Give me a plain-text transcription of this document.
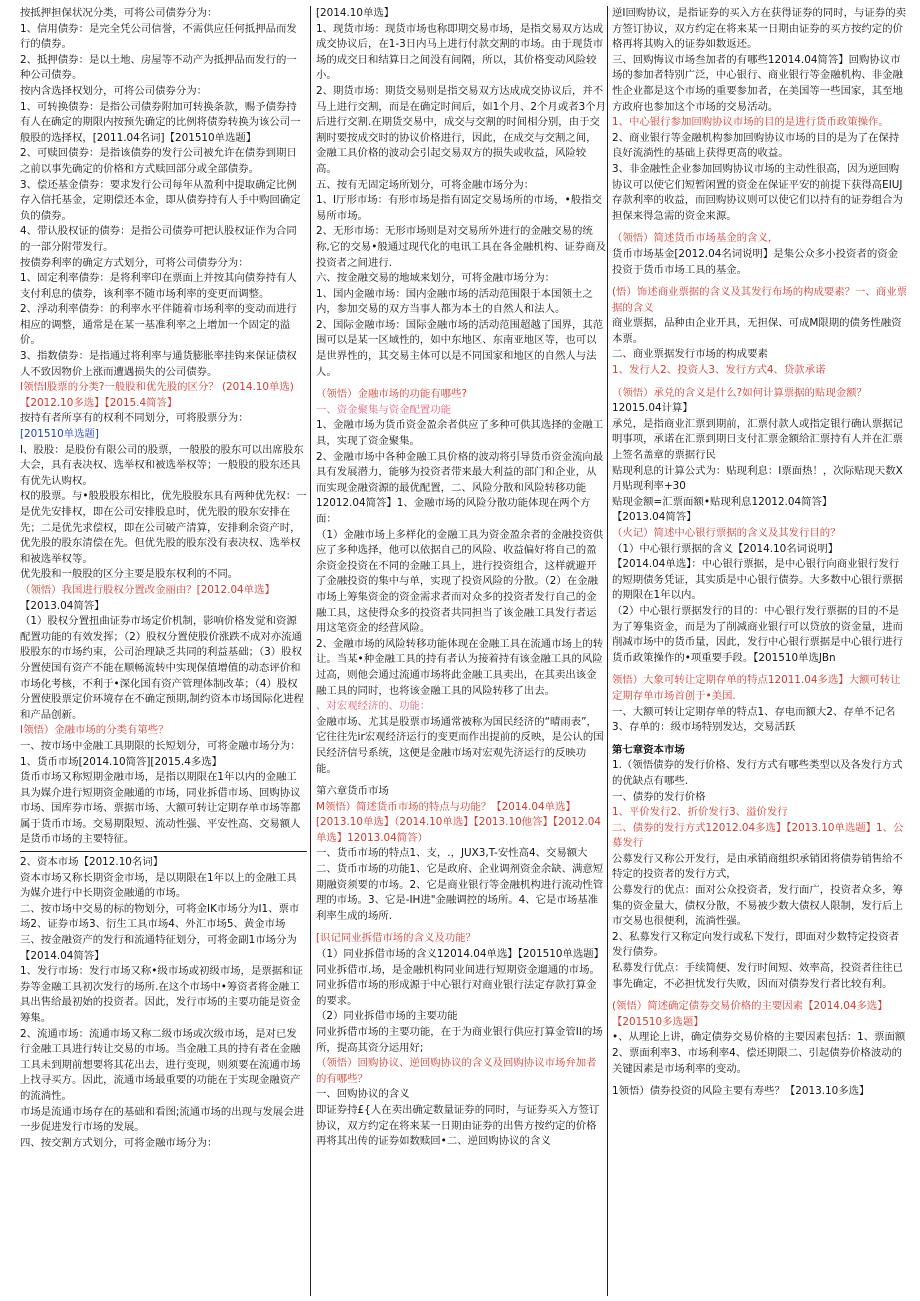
按抵押担保状况分类，可将公司债券分为：

1、信用债券：是完全凭公司信誉，不需供应任何抵押品而发行的债券。

2、抵押债券：是以土地、房屋等不动产为抵押品而发行的一种公司债券。

按内含选择权划分，可将公司债券分为：

1、可转换债券：是指公司债券附加可转换条款，赐予债券持有人在确定的期限内按预先确定的比例将债券转换为该公司一般股的选择权，[2011.04名词]【201510单选题】

2、可赎回债券：是指该债券的发行公司被允许在债券到期日之前以事先确定的价格和方式赎回部分或全部债券。

3、偿还基金债券：要求发行公司每年从盈利中提取确定比例存入信托基金，定期偿还本金，即从债券持有人手中购回确定负的债券。

4、带认股权证的债券：是指公司债券可把认股权证作为合同的一部分附带发行。

按债券利率的确定方式划分，可将公司债券分为：

1、固定利率债券：是将利率印在票面上并按其向债券持有人支付利息的债券，该利率不随市场利率的变更而调整。

2、浮动利率债券：的利率水平伴随着市场利率的变动而进行相应的调整，通常是在某一基准利率之上增加一个固定的溢价。

3、指数债券：是指通过将利率与通货膨胀率挂钩来保证债权人不致因物价上涨而遭遇损失的公司债券。

I领悟I股票的分类?一般股和优先股的区分？ (2014.10单选)【2012.10多选】【2015.4简答】

按持有者所享有的权利不同划分，可将股票分为：

[201510单选题]

I、股股：是股份有限公司的股票，一般股的股东可以出席股东大会，具有表决权、选举权和被选举权等；一般股的股东还具有优先认购权。

权的股票。与•般股股东相比，优先股股东具有两种优先权：一是优先安排权，即在公司安排股息时，优先股的股东安排在先；二是优先求偿权，即在公司破产清算，安排剩余资产时，优先股的股东清偿在先。但优先股的股东没有表决权、选举权和被选举权等。

优先股和一般股的区分主要是股东权利的不同。

（领悟）我国进行股权分置改金丽由？[2012.04单选】

【2013.04简答】

（1）股权分置扭曲证券市场定价机制，影响价格发觉和资源配置功能的有效发挥；（2）股权分置使股价涨跌不成对亦流通股股东的市场约束，公司治理缺乏共同的利益基础；（3）股权分置使国有资产不能在顺畅流转中实现保值增值的动态评价和市场化考核，不利于•深化国有资产管理体制改革；（4）股权分置使股票定价环境存在不确定预期,制约资本市场国际化进程和产品创新。

I领悟）金融市场的分类有第些？

一、按市场中金融工具期限的长短划分，可将金融市场分为：

1、货币市场[2014.10简答][2015.4多选】

货币市场又称短期金融市场，是指以期限在1年以内的金融工具为媒介进行短期资金融通的市场，同业拆借市场、回购协议市场、国库券市场、票据市场、大额可转让定期存单市场等都属于货币市场。交易期限短、流动性强、平安性高、交易额人是货币市场的主要特征。

2、资本市场【2012.10名词】

资本市场又称长期资金市场，是以期限在1年以上的金融工具为媒介进行中长期资金融通的市场。

二、按市场中交易的标的物划分，可将金IK市场分为I1、票市场2、证券市场3、衍生工具市场4、外汇市场5、黄金市场

三、按金融资产的发行和流通特征划分，可将金副1市场分为【2014.04简答】

1、发行市场：发行市场又称•级市场或初级市场，是票据和证券等金融工具初次发行的场所.在这个市场中•筹资者将金融工具出售给最初始的投资者。因此，发行市场的主要功能是资金筹集。

2、流通市场：流通市场又称二级市场或次级市场，是对已发行金融工具进行转让交易的市场。当金融工具的持有者在金融工具未到期前想要将其花出去，进行变现，则须要在流通市场上找寻买方。因此，流通市场最重要的功能在于实现金融资产的流淌性。

市场是流通市场存在的基础和看图;流通市场的出现与发展会进一步促进发行市场的发展。

四、按交割方式划分，可将金融市场分为：

[2014.10单选】

1、现货市场：现货市场也称即期交易市场，是指交易双方达成成交协议后，在1-3日内马上进行付款交割的市场。由于现货市场的成交日和结算日之间没有间隔，所以，其价格变动风险较小。

2、期货市场：期货交易则是指交易双方达成成交协议后，并不马上进行交割，而是在确定时间后，如1个月、2个月或者3个月后进行交割.在期货交易中，成交与交割的时间相分别，由于交割时要按成交时的协议价格进行，因此，在成交与交割之间，金融工具价格的波动会引起交易双方的损失或收益，风险较高。

五、按有无固定场所划分，可将金融市场分为：

1、I厅形市场：有形市场是指有固定交易场所的市场，•般指交易所市场。

2、无形市场：无形市场则是对交易所外进行的金融交易的统称,它的交易•般通过现代化的电讯工具在各金融机构、证券商及投资者之间进行.

六、按金融交易的地域来划分，可将金融市场分为：

1、国内金融市场：国内金融市场的活动范围限于本国领土之内，参加交易的双方当事人都为本土的自然人和法人。

2、国际金融市场：国际金融市场的活动范围超越了国界，其范围可以是某一区域性的，如中东地区、东南亚地区等，也可以是世界性的，其交易主体可以是不同国家和地区的自然人与法人。

（领悟）金融市场的功能有哪些?

一、资金聚集与资金配置功能

1、金融市场为货币资金盈余者供应了多种可供其选择的金融工具，实现了资金聚集。

2、金融市场中各种金融工具价格的波动将引导货币资金流向最具有发展潜力，能够为投资者带来最大利益的部门和企业，从而实现金融资源的最优配置，二、风险分散和风险转移功能12012.04简答】1、金融市场的风险分散功能体现在两个方面：

（1）金融市场上多样化的金融工具为资金盈余者的金融投资供应了多种选择，他可以依据自己的风险、收益偏好将自己的盈余资金投资在不同的金融工具上，进行投资组合，这样就避开了金融投资的集中与单，实现了投资风险的分散。（2）在金融市场上筹集资金的资金需求者而对众多的投资者发行自己的金融工具，这使得众多的投资者共同担当了该金融工具发行者运用这笔资金的经营风险。

2、金融市场的风险转移功能体现在金融工具在流通市场上的转让。当某•种金融工具的持有者认为接着持有该金融工具的风险过高，则他会通过流通市场将此金融工具卖出，在其卖出该金融工具的同时，也将该金融工具的风险转移了出去。

、对宏观经济的、功能：

金融市场、尤其是股票市场通常被称为国民经济的“晴雨表”，它往往先ir宏观经济运行的变更而作出提前的反映，是公认的国民经济信号系统，这便是金融市场对宏观先济运行的反映功能。

第六章货币市场

M领悟）简述货币市场的特点与功能？【2014.04单选】[2013.10单选】（2014.10单选】【2013.10他答】【2012.04单选】12013.04简答）

一、货币市场的特点1、支，.，JUX3,T-安性高4、交易额大

二、货币市场的功能1、它是政府、企业调剂资金余缺、满意短期融资须要的市场。2、它是商业银行等金融机构进行流动性管理的市场。3、它是-IH进"金融调控的场所。4、它是市场基准利率生成的场所.

[识记同业拆借市场的含义及功能？

（1）同业拆借市场的含义12014.04单选】【201510单选题】同业拆借市.场，是金融机构同业间进行短期资金遛通的市场。同业拆借市场的形成源于中心银行对商业银行法定存款打算金的要求。

（2）同业拆借市场的主要功能

同业拆借市场的主要功能，在于为商业银行供应打算金管II的场所，提高其资分运用好;

（领悟）回购协议、逆回购协议的含义及回购协议市场弁加者的有哪些？

一、回购协议的含义

即证券持£{人在卖出确定数量证券的同时，与证券买入方签订协议，双方约定在将来某一日期由证券的出售方按约定的价格再将其出传的证券如数赎回•二、逆回购协议的含义

逆I回购协议，是指证券的买入方在获得证券的同时，与证券的卖方签订协议，双方约定在将来某一日期由证券的买方按约定的价格再将其购入的证券如数返还。

三、回购悔议市场叁加者的有哪些12014.04简答】回购协议市场的参加者特别广泛，中心银行、商业银行等金融机构、非金融性企业都是这个市场的重要参加者，在美国等一些国家，其至地方政府也参加这个市场的交易活动。

1、中心银行参加回购协议市场的目的是进行货币政策操作。

2、商业银行等金融机构参加回购协议市场的目的是为了在保持良好流淌性的基础上获得更高的收益。

3、非金融性企业参加回购协议市场的主动性很高，因为逆回购协议可以使它们短暂闲置的资金在保证平安的前提下获得高EIUJ存款利率的收益，而回购协议则可以使它们以持有的证券组合为担保来得急需的资金来源。

（领悟）简述货币市场基金的含义，

货币市场基金[2012.04名词说明】是集公众多小投资者的资金投资于货币市场工具的基金。

(悟）饰述商业票据的含义及其发行布场的构成要素？一、商业票据的含义

商业票据，品种由企业开具，无担保、可成M限期的债务性融资本票。

二、商业票据发行市场的构成要素

1、发行人2、投资人3、发行方式4、贷款承诺

（领悟）承兑的含义是什么?如何计算票据的贴现金额？

12015.04计算】

承兑，是指商业汇票到期前，汇票付款人或指定银行确认票据记明事项，承诺在汇票到期日支付汇票金额给汇票持有人并在汇票上签名盖章的票据行民

贴现利息的计算公式为：贴现利息：I票面热！，次际贴现天数X月贴现利率+30

贴现金额=汇票面额•贴现利息12012.04简答】

【2013.04简答】

（火记）简述中心银行票据的含义及其发行目的？

（1）中心银行票据的含义【2014.10名词说明】

【2014.04单选】：中心银行票据，是中心银行向商业银行发行的短期债务凭证，其实质是中心银行债券。大多数中心银行票据的期限在1年以内。

（2）中心银行票据发行的目的：中心银行发行票据的目的不是为了筹集资金，而是为了削减商业银行可以贷放的资金量，进而削减市场中的货币量，因此，发行中心银行票据是中心银行进行货币政策操作的•项重要手段。【201510单选JBn

领悟）大象可转让定期存单的特点12011.04多选】大额可转让定期存单市场首创于•美国.

一、大额可转让定期存单的特点1、存电而额大2、存单不记名3、存单的：级市场特别发达，交易活跃

第七章资本市场

1.（领悟债券的发行价格、发行方式有哪些类型以及各发行方式的优缺点有哪些.

一、债券的发行价格

1、平价发行2、折价发行3、溢价发行

二、债券的发行方式12012.04多选】【2013.10单选题】1、公募发行

公募发行又称公开发行，是由承销商组织承销团将债券销售给不特定的投资者的发行方式，

公募发行的优点：面对公众投资者，发行面广，投资者众多，筹集的资金量大，债权分散，不易被少数大债权人限制，发行后上市交易也很便利，流淌性强。

2、私募发行又称定向发行或私下发行，即面对少数特定投资者发行债券。

私募发行优点：手续简便、发行时间短、效率高，投资者往往已事先确定，不必担忧发行失败，因而对债券发行者比较有利。

(领悟）简述确定债券交易价格的主要因素【2014.04多选】【201510多选题】

•、从理论上讲，确定债券交易价格的主要因素包括：1、票面额2、票面利率3、市场利率4、偿还期限二、引起债券价格波动的关键因素是市场利率的变动。

1领悟）债券投资的风险主要有寿些？【2013.10多选】
